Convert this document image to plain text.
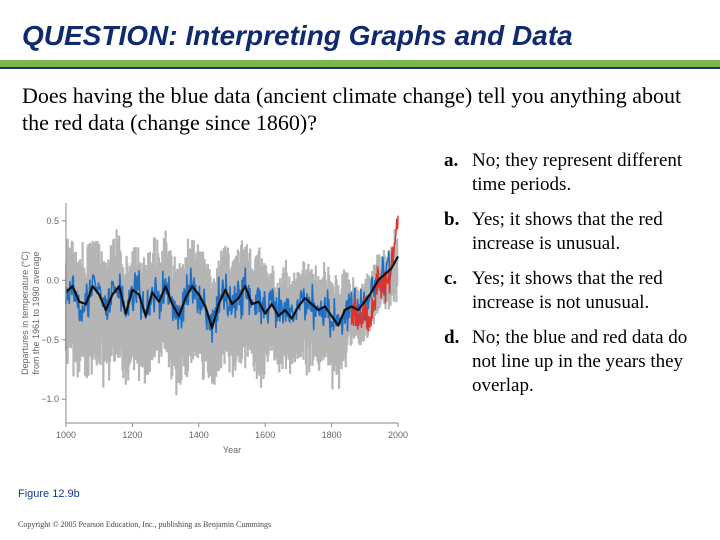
QUESTION: Interpreting Graphs and Data

Does having the blue data (ancient climate change) tell you anything about the red data (change since 1860)?

a. No; they represent different time periods.
b. Yes; it shows that the red increase is unusual.
c. Yes; it shows that the red increase is not unusual.
d. No; the blue and red data do not line up in the years they overlap.
0.5
0.0
−0.5
−1.0
1000	1200	1400	1600	1800	2000
Departures in temperature (°C) from the 1961 to 1990 average
Year

Figure 12.9b

Copyright © 2005 Pearson Education, Inc., publishing as Benjamin Cummings
